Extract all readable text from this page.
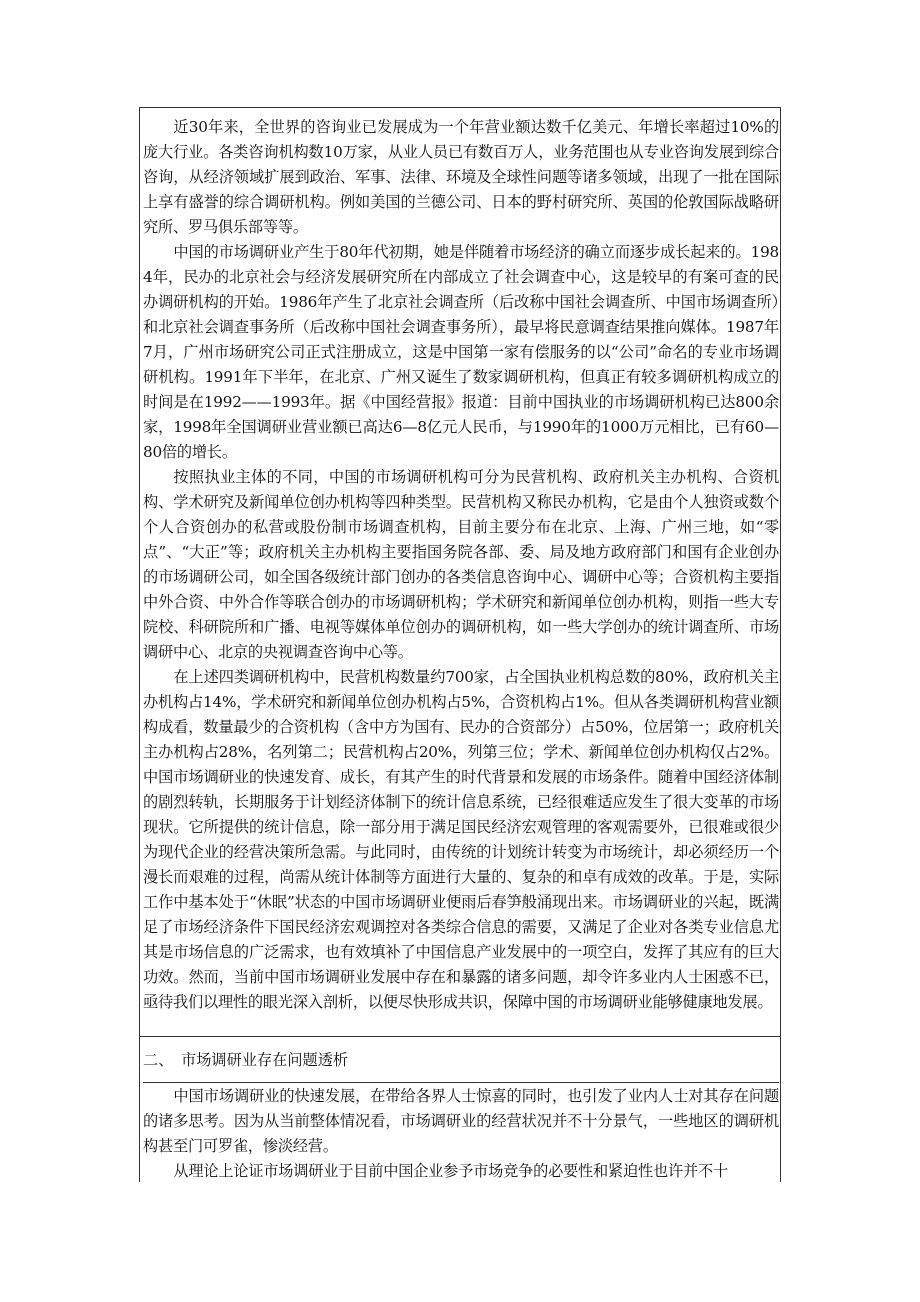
近30年来，全世界的咨询业已发展成为一个年营业额达数千亿美元、年增长率超过10%的庞大行业。各类咨询机构数10万家，从业人员已有数百万人，业务范围也从专业咨询发展到综合咨询，从经济领域扩展到政治、军事、法律、环境及全球性问题等诸多领域，出现了一批在国际上享有盛誉的综合调研机构。例如美国的兰德公司、日本的野村研究所、英国的伦敦国际战略研究所、罗马俱乐部等等。

中国的市场调研业产生于80年代初期，她是伴随着市场经济的确立而逐步成长起来的。1984年，民办的北京社会与经济发展研究所在内部成立了社会调查中心，这是较早的有案可查的民办调研机构的开始。1986年产生了北京社会调查所（后改称中国社会调查所、中国市场调查所）和北京社会调查事务所（后改称中国社会调查事务所），最早将民意调查结果推向媒体。1987年7月，广州市场研究公司正式注册成立，这是中国第一家有偿服务的以“公司”命名的专业市场调研机构。1991年下半年，在北京、广州又诞生了数家调研机构，但真正有较多调研机构成立的时间是在1992——1993年。据《中国经营报》报道：目前中国执业的市场调研机构已达800余家，1998年全国调研业营业额已高达6—8亿元人民币，与1990年的1000万元相比，已有60—80倍的增长。

按照执业主体的不同，中国的市场调研机构可分为民营机构、政府机关主办机构、合资机构、学术研究及新闻单位创办机构等四种类型。民营机构又称民办机构，它是由个人独资或数个个人合资创办的私营或股份制市场调查机构，目前主要分布在北京、上海、广州三地，如“零点”、“大正”等；政府机关主办机构主要指国务院各部、委、局及地方政府部门和国有企业创办的市场调研公司，如全国各级统计部门创办的各类信息咨询中心、调研中心等；合资机构主要指中外合资、中外合作等联合创办的市场调研机构；学术研究和新闻单位创办机构，则指一些大专院校、科研院所和广播、电视等媒体单位创办的调研机构，如一些大学创办的统计调查所、市场调研中心、北京的央视调查咨询中心等。

在上述四类调研机构中，民营机构数量约700家，占全国执业机构总数的80%，政府机关主办机构占14%，学术研究和新闻单位创办机构占5%，合资机构占1%。但从各类调研机构营业额构成看，数量最少的合资机构（含中方为国有、民办的合资部分）占50%，位居第一；政府机关主办机构占28%，名列第二；民营机构占20%，列第三位；学术、新闻单位创办机构仅占2%。中国市场调研业的快速发育、成长，有其产生的时代背景和发展的市场条件。随着中国经济体制的剧烈转轨，长期服务于计划经济体制下的统计信息系统，已经很难适应发生了很大变革的市场现状。它所提供的统计信息，除一部分用于满足国民经济宏观管理的客观需要外，已很难或很少为现代企业的经营决策所急需。与此同时，由传统的计划统计转变为市场统计，却必须经历一个漫长而艰难的过程，尚需从统计体制等方面进行大量的、复杂的和卓有成效的改革。于是，实际工作中基本处于“休眠”状态的中国市场调研业便雨后春笋般涌现出来。市场调研业的兴起，既满足了市场经济条件下国民经济宏观调控对各类综合信息的需要，又满足了企业对各类专业信息尤其是市场信息的广泛需求，也有效填补了中国信息产业发展中的一项空白，发挥了其应有的巨大功效。然而，当前中国市场调研业发展中存在和暴露的诸多问题，却令许多业内人士困惑不已，亟待我们以理性的眼光深入剖析，以便尽快形成共识，保障中国的市场调研业能够健康地发展。

二、 市场调研业存在问题透析

中国市场调研业的快速发展，在带给各界人士惊喜的同时，也引发了业内人士对其存在问题的诸多思考。因为从当前整体情况看，市场调研业的经营状况并不十分景气，一些地区的调研机构甚至门可罗雀，惨淡经营。

从理论上论证市场调研业于目前中国企业参予市场竞争的必要性和紧迫性也许并不十
